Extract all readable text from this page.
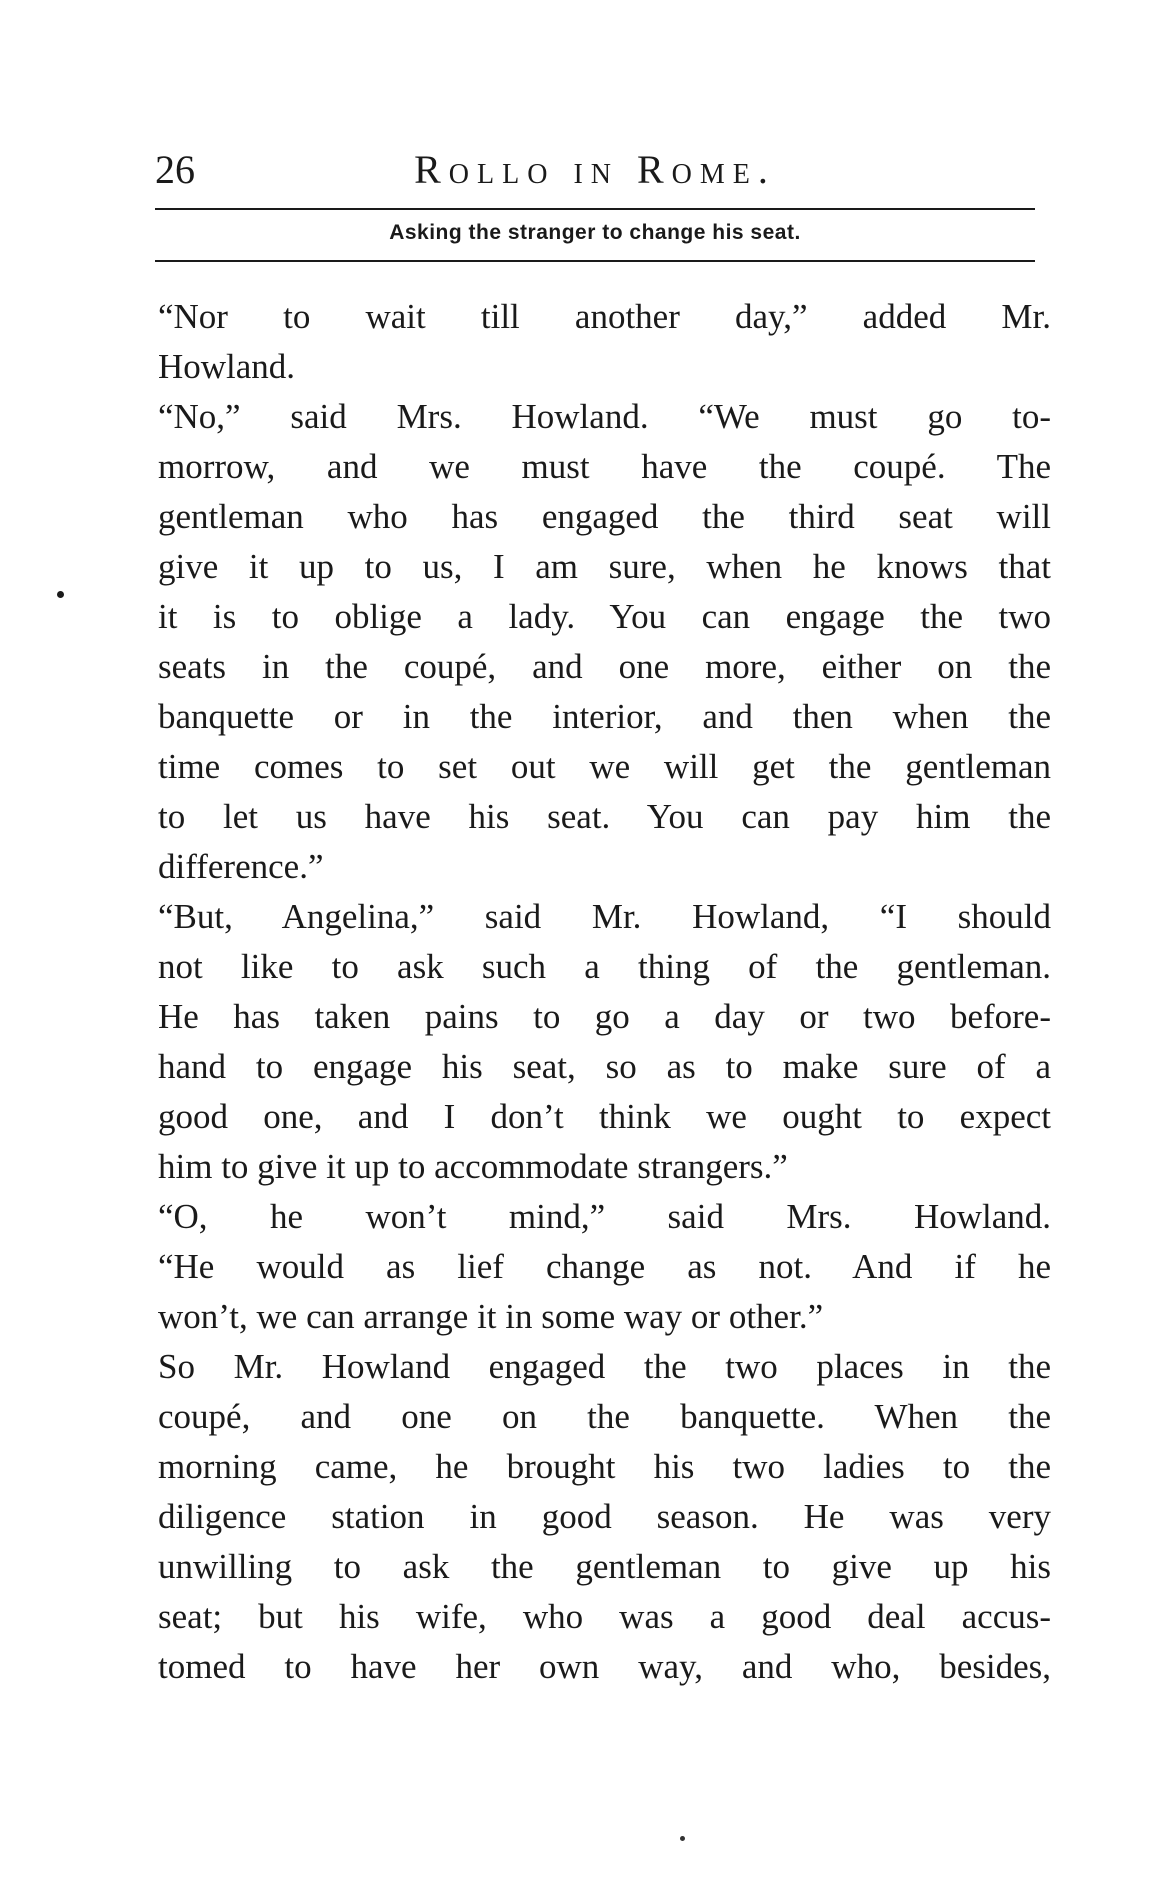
26	Rollo in Rome.
Asking the stranger to change his seat.
“Nor to wait till another day,” added Mr.
Howland.
“No,” said Mrs. Howland. “We must go to-
morrow, and we must have the coupé. The
gentleman who has engaged the third seat will
give it up to us, I am sure, when he knows that
it is to oblige a lady. You can engage the two
seats in the coupé, and one more, either on the
banquette or in the interior, and then when the
time comes to set out we will get the gentleman
to let us have his seat. You can pay him the
difference.”
“But, Angelina,” said Mr. Howland, “I should
not like to ask such a thing of the gentleman.
He has taken pains to go a day or two before-
hand to engage his seat, so as to make sure of a
good one, and I don’t think we ought to expect
him to give it up to accommodate strangers.”
“O, he won’t mind,” said Mrs. Howland.
“He would as lief change as not. And if he
won’t, we can arrange it in some way or other.”
So Mr. Howland engaged the two places in the
coupé, and one on the banquette. When the
morning came, he brought his two ladies to the
diligence station in good season. He was very
unwilling to ask the gentleman to give up his
seat; but his wife, who was a good deal accus-
tomed to have her own way, and who, besides,
